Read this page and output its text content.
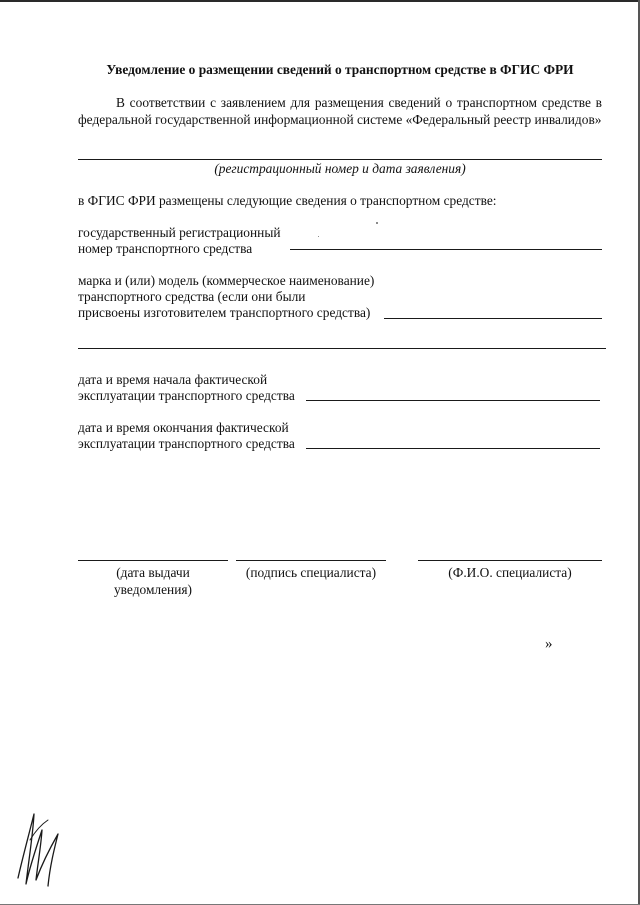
Уведомление о размещении сведений о транспортном средстве в ФГИС ФРИ

В соответствии с заявлением для размещения сведений о транспортном средстве в федеральной государственной информационной системе «Федеральный реестр инвалидов»

(регистрационный номер и дата заявления)
в ФГИС ФРИ размещены следующие сведения о транспортном средстве:
государственный регистрационный
номер транспортного средства
марка и (или) модель (коммерческое наименование)
транспортного средства (если они были
присвоены изготовителем транспортного средства)
дата и время начала фактической
эксплуатации транспортного средства
дата и время окончания фактической
эксплуатации транспортного средства
(дата выдачи
уведомления)
(подпись специалиста)	(Ф.И.О. специалиста)
»
